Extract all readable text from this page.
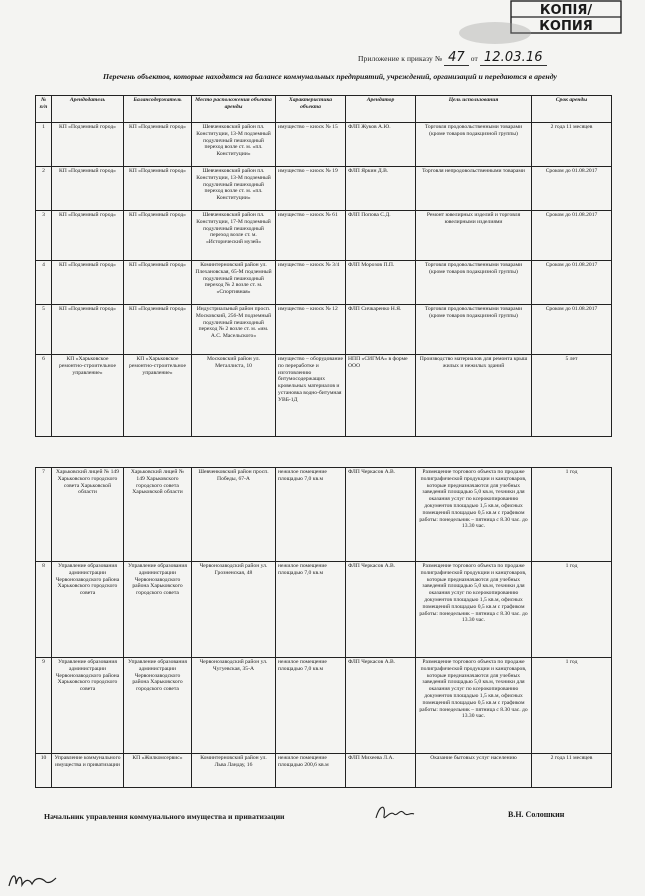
КОПІЯ/
КОПИЯ
Приложение к приказу № 47 от 12.03.16
Перечень объектов, которые находятся на балансе коммунальных предприятий, учреждений, организаций и передаются в аренду
№ п/п	Арендодатель	Балансодержатель	Место расположения объекта аренды	Характеристика объекта	Арендатор	Цель использования	Срок аренды
1	КП «Подземный город»	КП «Подземный город»	Шевченковский район пл. Конституции, 13-М подземный подуличный пешеходный переход возле ст. м. «пл. Конституции»	имущество – киоск № 15	ФЛП Жуков А.Ю.	Торговля продовольственными товарами (кроме товаров подакцизной группы)	2 года 11 месяцев
2	КП «Подземный город»	КП «Подземный город»	Шевченковский район пл. Конституции, 13-М подземный подуличный пешеходный переход возле ст. м. «пл. Конституции»	имущество – киоск № 19	ФЛП Яркин Д.В.	Торговля непродовольственными товарами	Сроком до 01.08.2017
3	КП «Подземный город»	КП «Подземный город»	Шевченковский район пл. Конституции, 17-М подземный подуличный пешеходный переход возле ст. м. «Исторический музей»	имущество – киоск № 61	ФЛП Попова С.Д.	Ремонт ювелирных изделий и торговля ювелирными изделиями	Сроком до 01.08.2017
4	КП «Подземный город»	КП «Подземный город»	Коминтерновский район ул. Плехановская, 65-М подземный подуличный пешеходный переход № 2 возле ст. м. «Спортивная»	имущество – киоск № 3/4	ФЛП Морозов П.П.	Торговля продовольственными товарами (кроме товаров подакцизной группы)	Сроком до 01.08.2017
5	КП «Подземный город»	КП «Подземный город»	Индустриальный район просп. Московский, 256-М подземный подуличный пешеходный переход № 2 возле ст. м. «им. А.С. Масельского»	имущество – киоск № 12	ФЛП Сичкаренко Н.Я.	Торговля продовольственными товарами (кроме товаров подакцизной группы)	Сроком до 01.08.2017
6	КП «Харьковское ремонтно-строительное управление»	КП «Харьковское ремонтно-строительное управление»	Московский район ул. Металлиста, 10	имущество – оборудование по переработке и изготовлению битумосодержащих кровельных материалов и установка водно-битумная УВБ-1Д	НПП «СИГМА» в форме ООО	Производство материалов для ремонта крыш жилых и нежилых зданий	5 лет
7	Харьковский лицей № 149 Харьковского городского совета Харьковской области	Харьковский лицей № 149 Харьковского городского совета Харьковской области	Шевченковский район просп. Победы, 67-А	нежилое помещение площадью 7,0 кв.м	ФЛП Черкасов А.В.	Размещение торгового объекта по продаже полиграфической продукции и канцтоваров, которые предназначаются для учебных заведений площадью 5,0 кв.м, техники для оказания услуг по ксерокопированию документов площадью 1,5 кв.м, офисных помещений площадью 0,5 кв.м с графиком работы: понедельник – пятница с 8.30 час. до 13.30 час.	1 год
8	Управление образования администрации Червонозаводского района Харьковского городского совета	Управление образования администрации Червонозаводского района Харьковского городского совета	Червонозаводский район ул. Грозненская, 48	нежилое помещение площадью 7,0 кв.м	ФЛП Черкасов А.В.	Размещение торгового объекта по продаже полиграфической продукции и канцтоваров, которые предназначаются для учебных заведений площадью 5,0 кв.м, техники для оказания услуг по ксерокопированию документов площадью 1,5 кв.м, офисных помещений площадью 0,5 кв.м с графиком работы: понедельник – пятница с 8.30 час. до 13.30 час.	1 год
9	Управление образования администрации Червонозаводского района Харьковского городского совета	Управление образования администрации Червонозаводского района Харьковского городского совета	Червонозаводский район ул. Чугуевская, 35-А	нежилое помещение площадью 7,0 кв.м	ФЛП Черкасов А.В.	Размещение торгового объекта по продаже полиграфической продукции и канцтоваров, которые предназначаются для учебных заведений площадью 5,0 кв.м, техники для оказания услуг по ксерокопированию документов площадью 1,5 кв.м, офисных помещений площадью 0,5 кв.м с графиком работы: понедельник – пятница с 8.30 час. до 13.30 час.	1 год
10	Управление коммунального имущества и приватизации	КП «Жилкомсервис»	Коминтерновский район ул. Льва Ландау, 16	нежилое помещение площадью 200,6 кв.м	ФЛП Михеева Л.А.	Оказание бытовых услуг населению	2 года 11 месяцев
Начальник управления коммунального имущества и приватизации	В.Н. Солошкин
